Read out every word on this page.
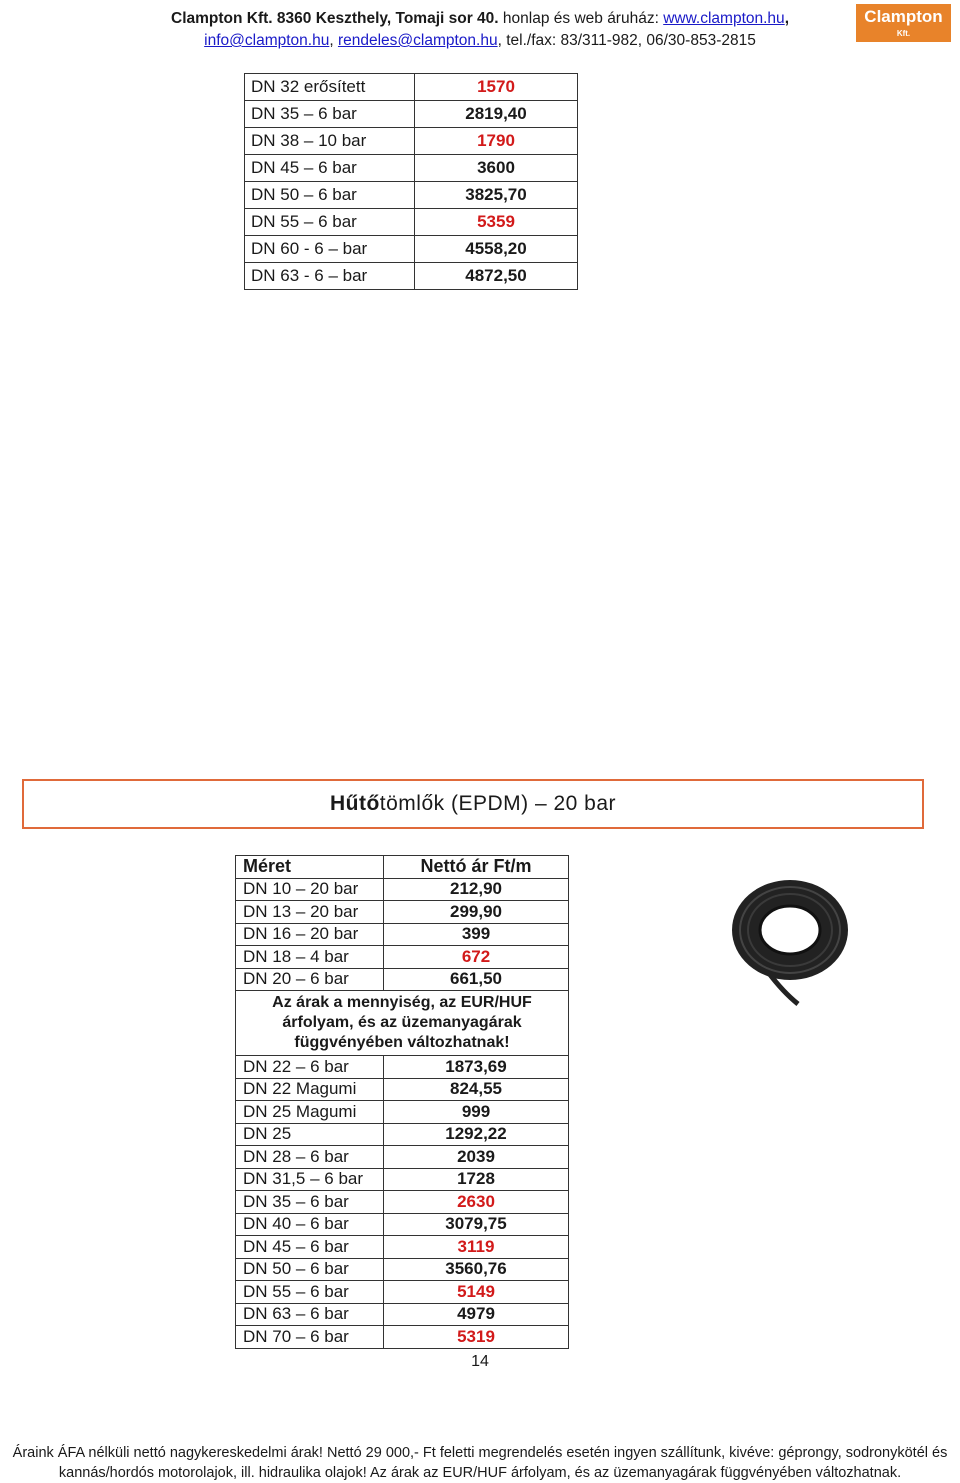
Clampton Kft. 8360 Keszthely, Tomaji sor 40. honlap és web áruház: www.clampton.hu,
info@clampton.hu, rendeles@clampton.hu, tel./fax: 83/311-982, 06/30-853-2815
Clampton
Kft.
DN 32 erősített	1570
DN 35 – 6 bar	2819,40
DN 38 – 10 bar	1790
DN 45 – 6 bar	3600
DN 50 – 6 bar	3825,70
DN 55 – 6 bar	5359
DN 60 - 6 – bar	4558,20
DN 63 - 6 – bar	4872,50
Hűtőtömlők (EPDM) – 20 bar
Méret	Nettó ár Ft/m
DN 10 – 20 bar	212,90
DN 13 – 20 bar	299,90
DN 16 – 20 bar	399
DN 18 – 4 bar	672
DN 20 – 6 bar	661,50
Az árak a mennyiség, az EUR/HUF árfolyam, és az üzemanyagárak függvényében változhatnak!	
DN 22 – 6 bar	1873,69
DN 22 Magumi	824,55
DN 25 Magumi	999
DN 25	1292,22
DN 28 – 6 bar	2039
DN 31,5 – 6 bar	1728
DN 35 – 6 bar	2630
DN 40 – 6 bar	3079,75
DN 45 – 6 bar	3119
DN 50 – 6 bar	3560,76
DN 55 – 6 bar	5149
DN 63 – 6 bar	4979
DN 70 – 6 bar	5319
14
Áraink ÁFA nélküli nettó nagykereskedelmi árak! Nettó 29 000,- Ft feletti megrendelés esetén ingyen szállítunk, kivéve: géprongy, sodronykötél és
kannás/hordós motorolajok, ill. hidraulika olajok! Az árak az EUR/HUF árfolyam, és az üzemanyagárak függvényében változhatnak.
